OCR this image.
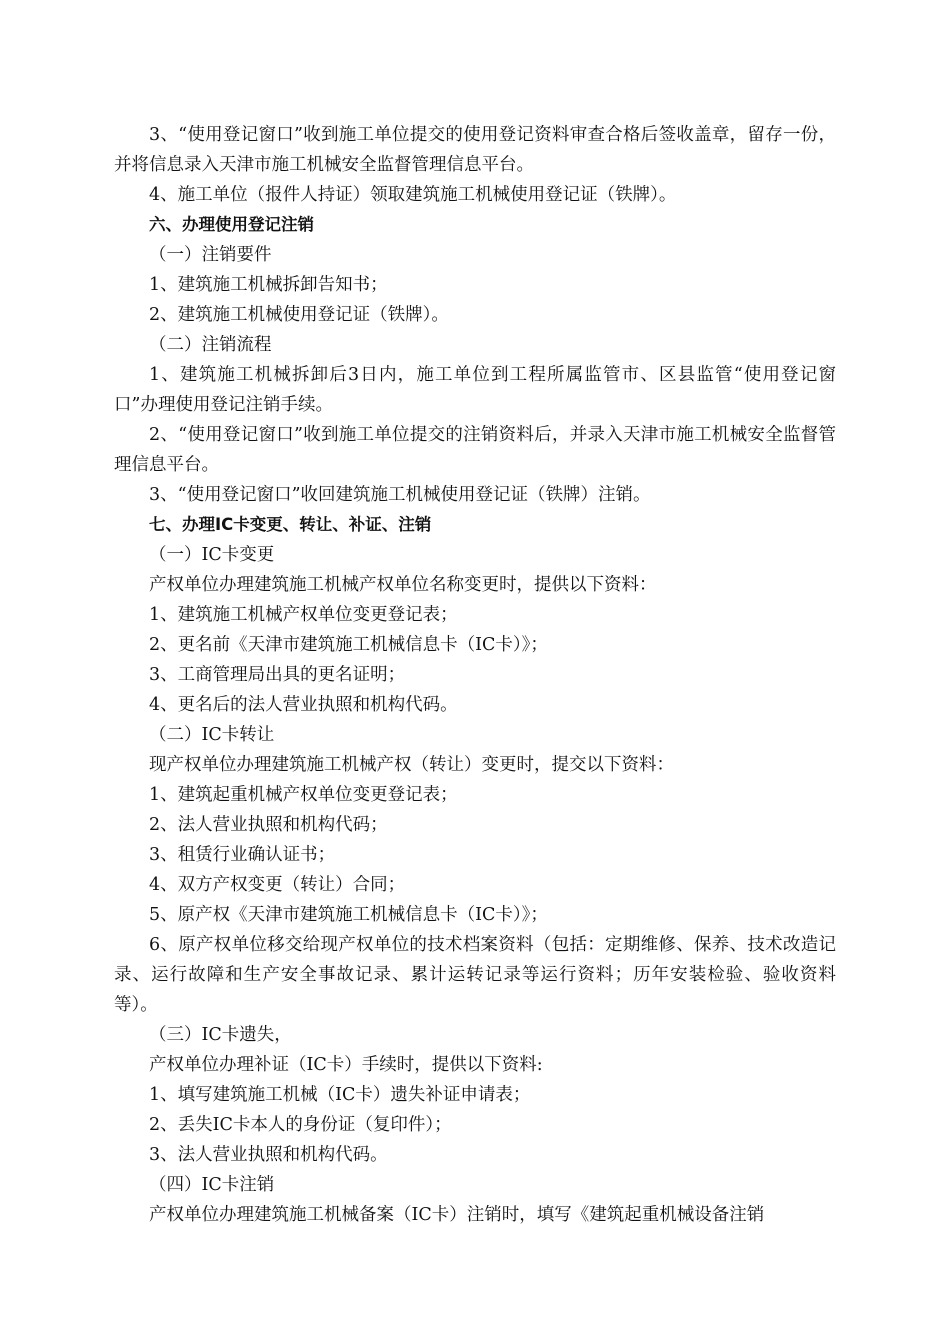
3、“使用登记窗口”收到施工单位提交的使用登记资料审查合格后签收盖章，留存一份，并将信息录入天津市施工机械安全监督管理信息平台。

4、施工单位（报件人持证）领取建筑施工机械使用登记证（铁牌）。

六、办理使用登记注销

（一）注销要件

1、建筑施工机械拆卸告知书；

2、建筑施工机械使用登记证（铁牌）。

（二）注销流程

1、建筑施工机械拆卸后3日内，施工单位到工程所属监管市、区县监管“使用登记窗口”办理使用登记注销手续。

2、“使用登记窗口”收到施工单位提交的注销资料后，并录入天津市施工机械安全监督管理信息平台。

3、“使用登记窗口”收回建筑施工机械使用登记证（铁牌）注销。

七、办理IC卡变更、转让、补证、注销

（一）IC卡变更

产权单位办理建筑施工机械产权单位名称变更时，提供以下资料：

1、建筑施工机械产权单位变更登记表；

2、更名前《天津市建筑施工机械信息卡（IC卡）》；

3、工商管理局出具的更名证明；

4、更名后的法人营业执照和机构代码。

（二）IC卡转让

现产权单位办理建筑施工机械产权（转让）变更时，提交以下资料：

1、建筑起重机械产权单位变更登记表；

2、法人营业执照和机构代码；

3、租赁行业确认证书；

4、双方产权变更（转让）合同；

5、原产权《天津市建筑施工机械信息卡（IC卡）》；

6、原产权单位移交给现产权单位的技术档案资料（包括：定期维修、保养、技术改造记录、运行故障和生产安全事故记录、累计运转记录等运行资料；历年安装检验、验收资料等）。

（三）IC卡遗失，

产权单位办理补证（IC卡）手续时，提供以下资料:

1、填写建筑施工机械（IC卡）遗失补证申请表；

2、丢失IC卡本人的身份证（复印件）；

3、法人营业执照和机构代码。

（四）IC卡注销

产权单位办理建筑施工机械备案（IC卡）注销时，填写《建筑起重机械设备注销
